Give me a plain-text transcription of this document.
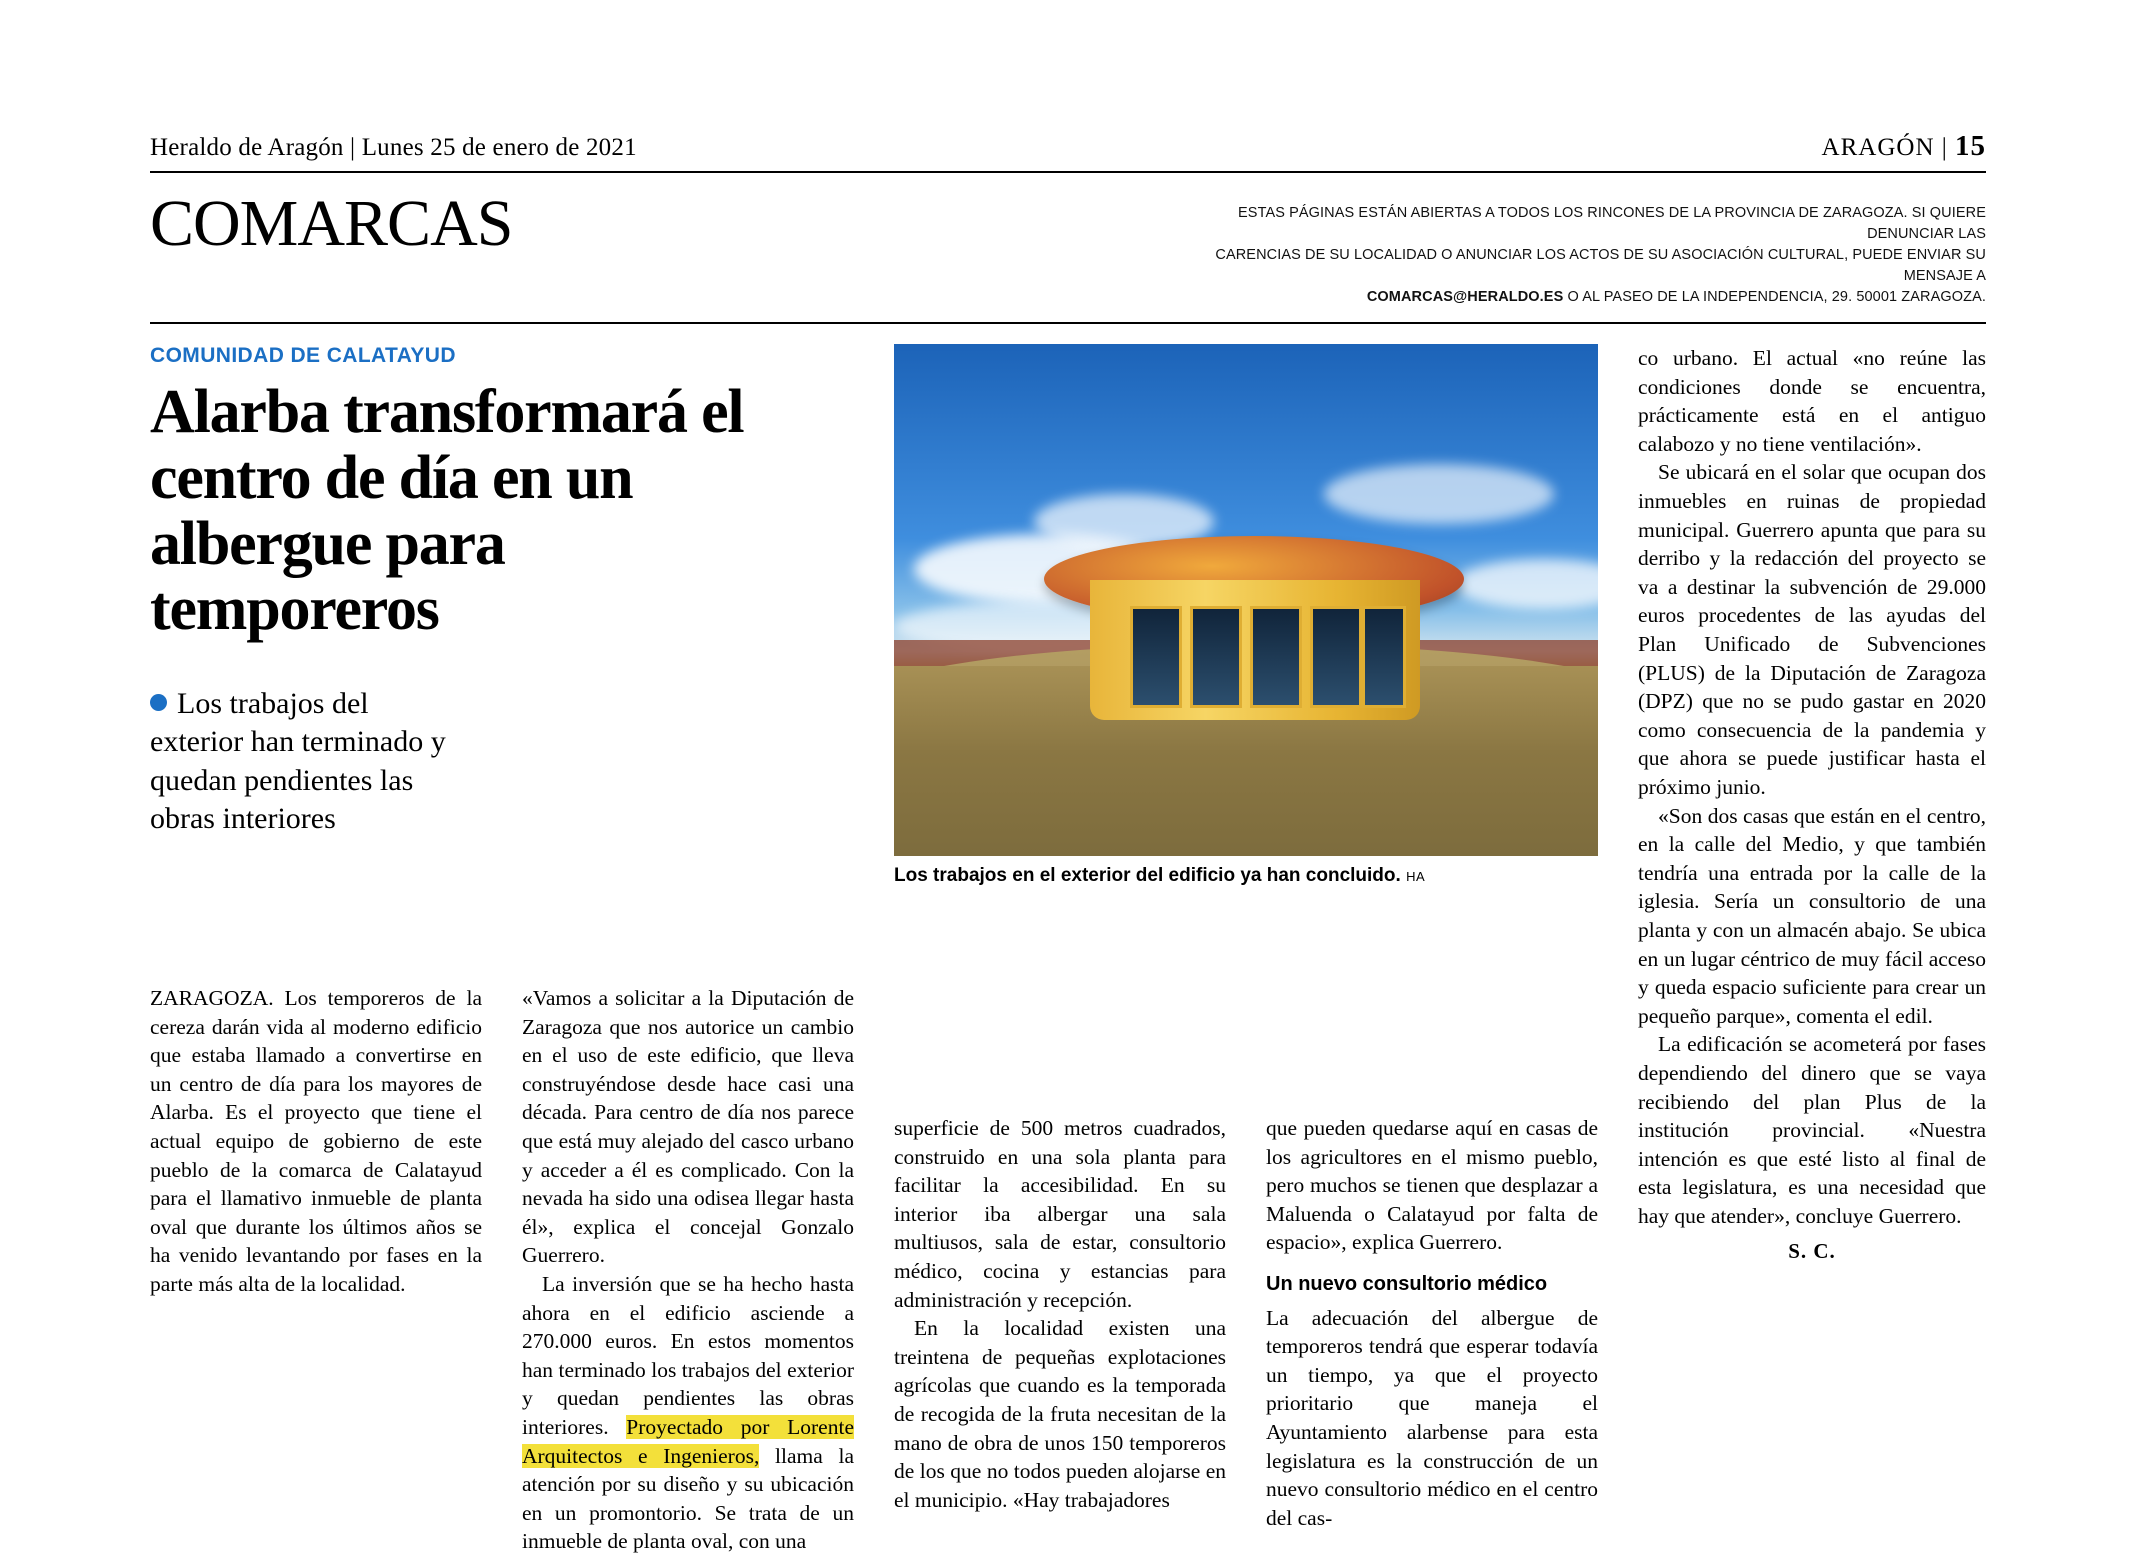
Heraldo de Aragón | Lunes 25 de enero de 2021	ARAGÓN | 15
COMARCAS	ESTAS PÁGINAS ESTÁN ABIERTAS A TODOS LOS RINCONES DE LA PROVINCIA DE ZARAGOZA. SI QUIERE DENUNCIAR LAS
CARENCIAS DE SU LOCALIDAD O ANUNCIAR LOS ACTOS DE SU ASOCIACIÓN CULTURAL, PUEDE ENVIAR SU MENSAJE A
COMARCAS@HERALDO.ES O AL PASEO DE LA INDEPENDENCIA, 29. 50001 ZARAGOZA.
COMUNIDAD DE CALATAYUD
Alarba transformará el centro de día en un albergue para temporeros
Los trabajos del exterior han terminado y quedan pendientes las obras interiores
Los trabajos en el exterior del edificio ya han concluido. HA

ZARAGOZA. Los temporeros de la cereza darán vida al moderno edificio que estaba llamado a convertirse en un centro de día para los mayores de Alarba. Es el proyecto que tiene el actual equipo de gobierno de este pueblo de la comarca de Calatayud para el llamativo inmueble de planta oval que durante los últimos años se ha venido levantando por fases en la parte más alta de la localidad.

«Vamos a solicitar a la Diputación de Zaragoza que nos autorice un cambio en el uso de este edificio, que lleva construyéndose desde hace casi una década. Para centro de día nos parece que está muy alejado del casco urbano y acceder a él es complicado. Con la nevada ha sido una odisea llegar hasta él», explica el concejal Gonzalo Guerrero.

La inversión que se ha hecho hasta ahora en el edificio asciende a 270.000 euros. En estos momentos han terminado los trabajos del exterior y quedan pendientes las obras interiores. Proyectado por Lorente Arquitectos e Ingenieros, llama la atención por su diseño y su ubicación en un promontorio. Se trata de un inmueble de planta oval, con una

superficie de 500 metros cuadrados, construido en una sola planta para facilitar la accesibilidad. En su interior iba albergar una sala multiusos, sala de estar, consultorio médico, cocina y estancias para administración y recepción.

En la localidad existen una treintena de pequeñas explotaciones agrícolas que cuando es la temporada de recogida de la fruta necesitan de la mano de obra de unos 150 temporeros de los que no todos pueden alojarse en el municipio. «Hay trabajadores

que pueden quedarse aquí en casas de los agricultores en el mismo pueblo, pero muchos se tienen que desplazar a Maluenda o Calatayud por falta de espacio», explica Guerrero.

Un nuevo consultorio médico

La adecuación del albergue de temporeros tendrá que esperar todavía un tiempo, ya que el proyecto prioritario que maneja el Ayuntamiento alarbense para esta legislatura es la construcción de un nuevo consultorio médico en el centro del cas-

co urbano. El actual «no reúne las condiciones donde se encuentra, prácticamente está en el antiguo calabozo y no tiene ventilación».

Se ubicará en el solar que ocupan dos inmuebles en ruinas de propiedad municipal. Guerrero apunta que para su derribo y la redacción del proyecto se va a destinar la subvención de 29.000 euros procedentes de las ayudas del Plan Unificado de Subvenciones (PLUS) de la Diputación de Zaragoza (DPZ) que no se pudo gastar en 2020 como consecuencia de la pandemia y que ahora se puede justificar hasta el próximo junio.

«Son dos casas que están en el centro, en la calle del Medio, y que también tendría una entrada por la calle de la iglesia. Sería un consultorio de una planta y con un almacén abajo. Se ubica en un lugar céntrico de muy fácil acceso y queda espacio suficiente para crear un pequeño parque», comenta el edil.

La edificación se acometerá por fases dependiendo del dinero que se vaya recibiendo del plan Plus de la institución provincial. «Nuestra intención es que esté listo al final de esta legislatura, es una necesidad que hay que atender», concluye Guerrero.

S. C.
